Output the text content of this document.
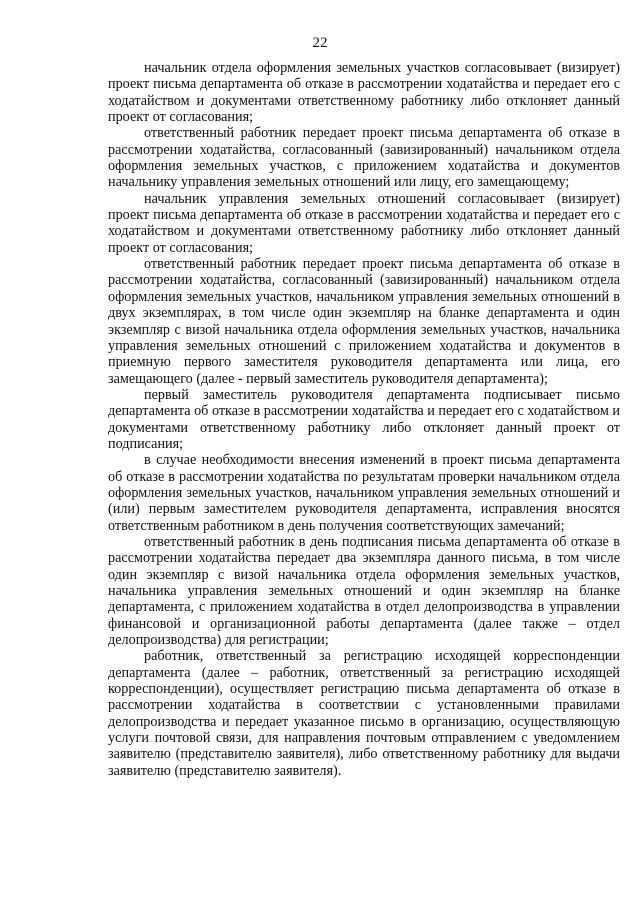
22

начальник отдела оформления земельных участков согласовывает (визирует) проект письма департамента об отказе в рассмотрении ходатайства и передает его с ходатайством и документами ответственному работнику либо отклоняет данный проект от согласования;

ответственный работник передает проект письма департамента об отказе в рассмотрении ходатайства, согласованный (завизированный) начальником отдела оформления земельных участков, с приложением ходатайства и документов начальнику управления земельных отношений или лицу, его замещающему;

начальник управления земельных отношений согласовывает (визирует) проект письма департамента об отказе в рассмотрении ходатайства и передает его с ходатайством и документами ответственному работнику либо отклоняет данный проект от согласования;

ответственный работник передает проект письма департамента об отказе в рассмотрении ходатайства, согласованный (завизированный) начальником отдела оформления земельных участков, начальником управления земельных отношений в двух экземплярах, в том числе один экземпляр на бланке департамента и один экземпляр с визой начальника отдела оформления земельных участков, начальника управления земельных отношений с приложением ходатайства и документов в приемную первого заместителя руководителя департамента или лица, его замещающего (далее - первый заместитель руководителя департамента);

первый заместитель руководителя департамента подписывает письмо департамента об отказе в рассмотрении ходатайства и передает его с ходатайством и документами ответственному работнику либо отклоняет данный проект от подписания;

в случае необходимости внесения изменений в проект письма департамента об отказе в рассмотрении ходатайства по результатам проверки начальником отдела оформления земельных участков, начальником управления земельных отношений и (или) первым заместителем руководителя департамента, исправления вносятся ответственным работником в день получения соответствующих замечаний;

ответственный работник в день подписания письма департамента об отказе в рассмотрении ходатайства передает два экземпляра данного письма, в том числе один экземпляр с визой начальника отдела оформления земельных участков, начальника управления земельных отношений и один экземпляр на бланке департамента, с приложением ходатайства в отдел делопроизводства в управлении финансовой и организационной работы департамента (далее также – отдел делопроизводства) для регистрации;

работник, ответственный за регистрацию исходящей корреспонденции департамента (далее – работник, ответственный за регистрацию исходящей корреспонденции), осуществляет регистрацию письма департамента об отказе в рассмотрении ходатайства в соответствии с установленными правилами делопроизводства и передает указанное письмо в организацию, осуществляющую услуги почтовой связи, для направления почтовым отправлением с уведомлением заявителю (представителю заявителя), либо ответственному работнику для выдачи заявителю (представителю заявителя).
